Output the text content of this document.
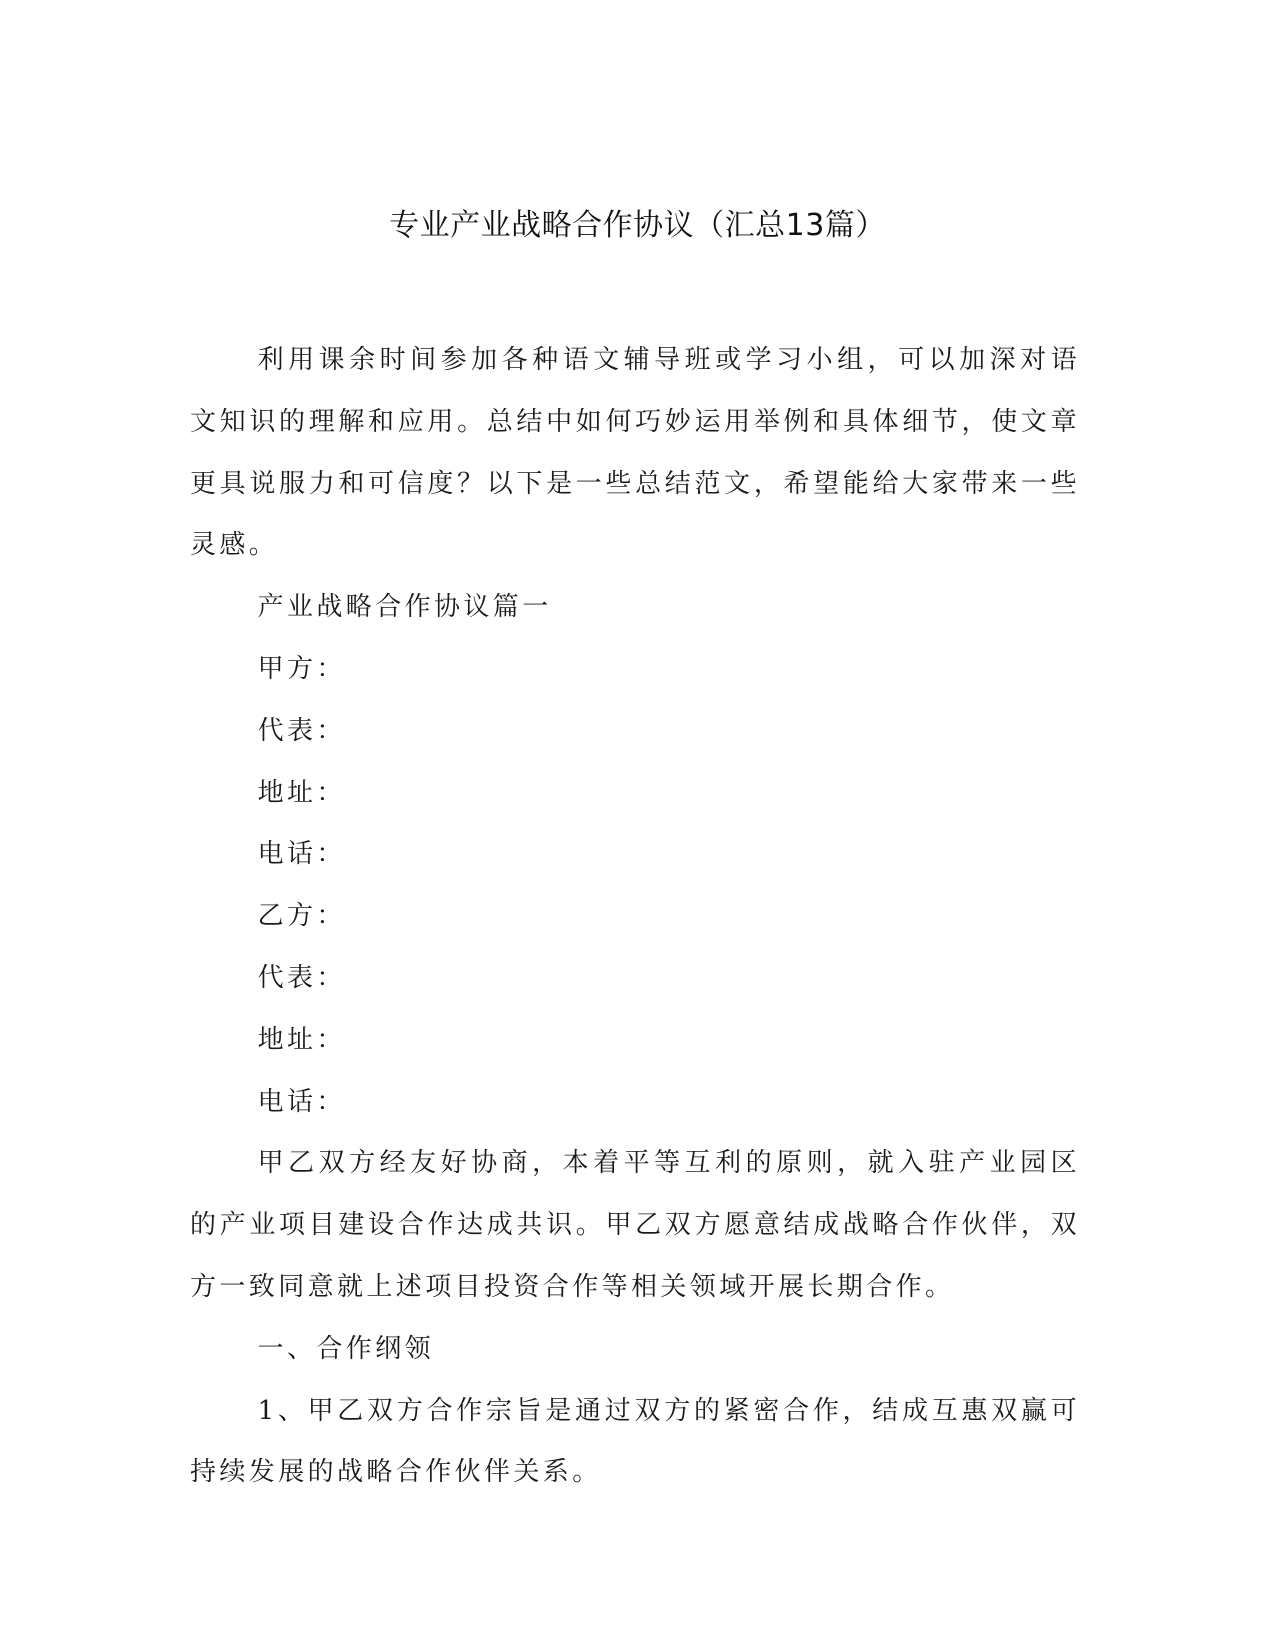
专业产业战略合作协议（汇总13篇）

利用课余时间参加各种语文辅导班或学习小组，可以加深对语文知识的理解和应用。总结中如何巧妙运用举例和具体细节，使文章更具说服力和可信度？以下是一些总结范文，希望能给大家带来一些灵感。

产业战略合作协议篇一

甲方：

代表：

地址：

电话：

乙方：

代表：

地址：

电话：

甲乙双方经友好协商，本着平等互利的原则，就入驻产业园区的产业项目建设合作达成共识。甲乙双方愿意结成战略合作伙伴，双方一致同意就上述项目投资合作等相关领域开展长期合作。

一、合作纲领

1、甲乙双方合作宗旨是通过双方的紧密合作，结成互惠双赢可持续发展的战略合作伙伴关系。
